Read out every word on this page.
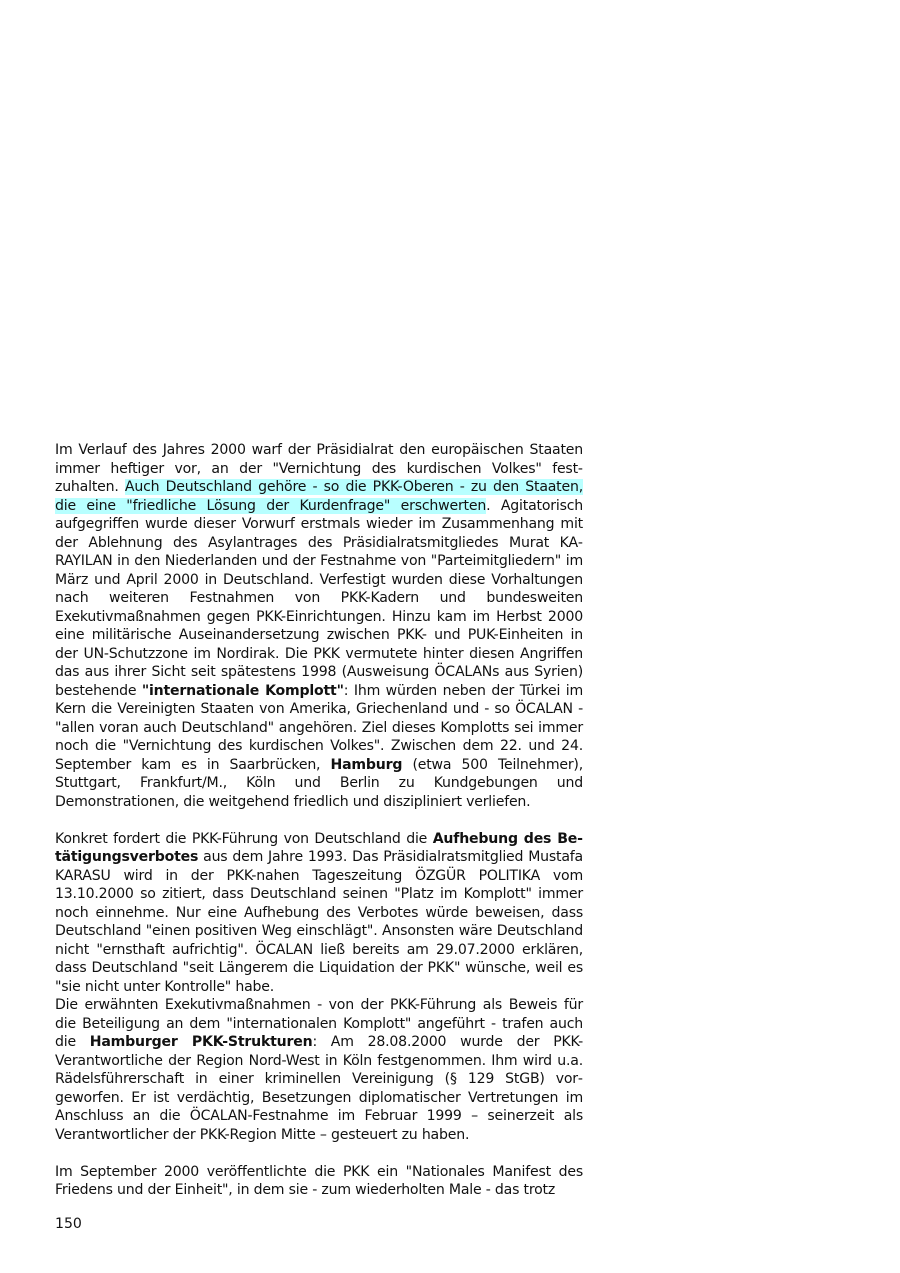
Im Verlauf des Jahres 2000 warf der Präsidialrat den europäischen Staaten immer heftiger vor, an der "Vernichtung des kurdischen Volkes" festzuhalten. Auch Deutschland gehöre - so die PKK-Oberen - zu den Staaten, die eine "friedliche Lösung der Kurdenfrage" erschwerten. Agitatorisch aufgegriffen wurde dieser Vorwurf erstmals wieder im Zusammenhang mit der Ablehnung des Asylantrages des Präsidialratsmitgliedes Murat KARAYILAN in den Niederlanden und der Festnahme von "Parteimitgliedern" im März und April 2000 in Deutschland. Verfestigt wurden diese Vorhaltungen nach weiteren Festnahmen von PKK-Kadern und bundesweiten Exekutivmaßnahmen gegen PKK-Einrichtungen. Hinzu kam im Herbst 2000 eine militärische Auseinandersetzung zwischen PKK- und PUK-Einheiten in der UN-Schutzzone im Nordirak. Die PKK vermutete hinter diesen Angriffen das aus ihrer Sicht seit spätestens 1998 (Ausweisung ÖCALANs aus Syrien) bestehende "internationale Komplott": Ihm würden neben der Türkei im Kern die Vereinigten Staaten von Amerika, Griechenland und - so ÖCALAN - "allen voran auch Deutschland" angehören. Ziel dieses Komplotts sei immer noch die "Vernichtung des kurdischen Volkes". Zwischen dem 22. und 24. September kam es in Saarbrücken, Hamburg (etwa 500 Teilnehmer), Stuttgart, Frankfurt/M., Köln und Berlin zu Kundgebungen und Demonstrationen, die weitgehend friedlich und diszipliniert verliefen.

Konkret fordert die PKK-Führung von Deutschland die Aufhebung des Betätigungsverbotes aus dem Jahre 1993. Das Präsidialratsmitglied Mustafa KARASU wird in der PKK-nahen Tageszeitung ÖZGÜR POLITIKA vom 13.10.2000 so zitiert, dass Deutschland seinen "Platz im Komplott" immer noch einnehme. Nur eine Aufhebung des Verbotes würde beweisen, dass Deutschland "einen positiven Weg einschlägt". Ansonsten wäre Deutschland nicht "ernsthaft aufrichtig". ÖCALAN ließ bereits am 29.07.2000 erklären, dass Deutschland "seit Längerem die Liquidation der PKK" wünsche, weil es "sie nicht unter Kontrolle" habe.

Die erwähnten Exekutivmaßnahmen - von der PKK-Führung als Beweis für die Beteiligung an dem "internationalen Komplott" angeführt - trafen auch die Hamburger PKK-Strukturen: Am 28.08.2000 wurde der PKK-Verantwortliche der Region Nord-West in Köln festgenommen. Ihm wird u.a. Rädelsführerschaft in einer kriminellen Vereinigung (§ 129 StGB) vorgeworfen. Er ist verdächtig, Besetzungen diplomatischer Vertretungen im Anschluss an die ÖCALAN-Festnahme im Februar 1999 – seinerzeit als Verantwortlicher der PKK-Region Mitte – gesteuert zu haben.

Im September 2000 veröffentlichte die PKK ein "Nationales Manifest des Friedens und der Einheit", in dem sie - zum wiederholten Male - das trotz

150
